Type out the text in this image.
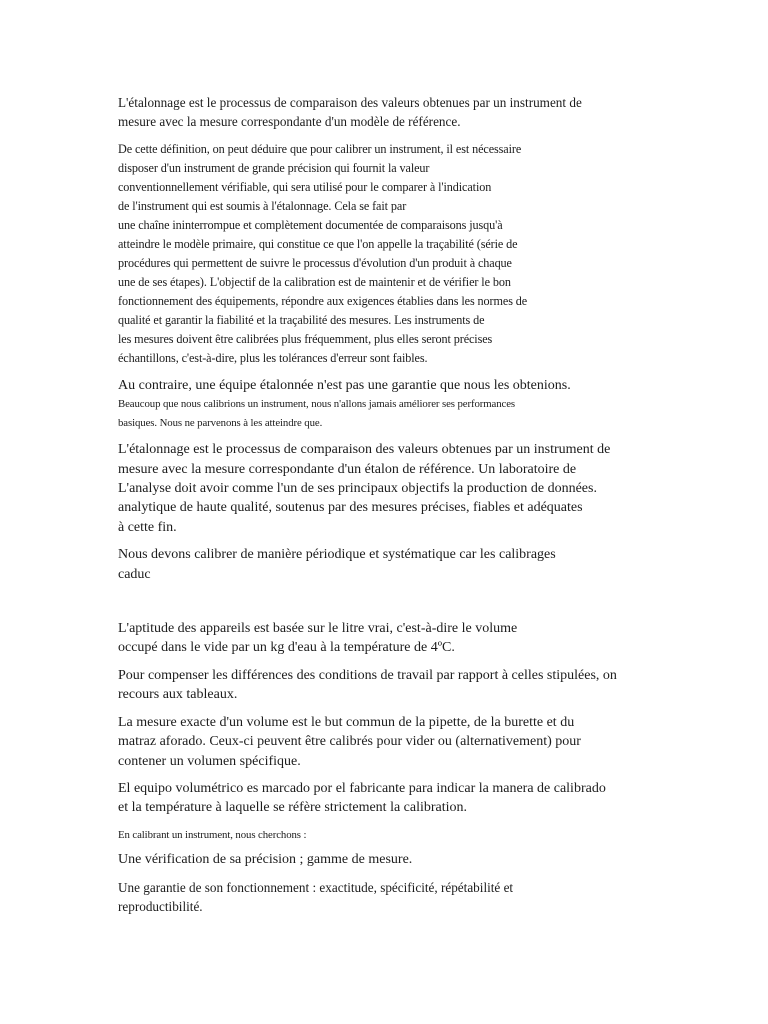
L'étalonnage est le processus de comparaison des valeurs obtenues par un instrument de
mesure avec la mesure correspondante d'un modèle de référence.

De cette définition, on peut déduire que pour calibrer un instrument, il est nécessaire
disposer d'un instrument de grande précision qui fournit la valeur
conventionnellement vérifiable, qui sera utilisé pour le comparer à l'indication
de l'instrument qui est soumis à l'étalonnage. Cela se fait par
une chaîne ininterrompue et complètement documentée de comparaisons jusqu'à
atteindre le modèle primaire, qui constitue ce que l'on appelle la traçabilité (série de
procédures qui permettent de suivre le processus d'évolution d'un produit à chaque
une de ses étapes). L'objectif de la calibration est de maintenir et de vérifier le bon
fonctionnement des équipements, répondre aux exigences établies dans les normes de
qualité et garantir la fiabilité et la traçabilité des mesures. Les instruments de
les mesures doivent être calibrées plus fréquemment, plus elles seront précises
échantillons, c'est-à-dire, plus les tolérances d'erreur sont faibles.

Au contraire, une équipe étalonnée n'est pas une garantie que nous les obtenions.

Beaucoup que nous calibrions un instrument, nous n'allons jamais améliorer ses performances
basiques. Nous ne parvenons à les atteindre que.

L'étalonnage est le processus de comparaison des valeurs obtenues par un instrument de
mesure avec la mesure correspondante d'un étalon de référence. Un laboratoire de
L'analyse doit avoir comme l'un de ses principaux objectifs la production de données.
analytique de haute qualité, soutenus par des mesures précises, fiables et adéquates
à cette fin.

Nous devons calibrer de manière périodique et systématique car les calibrages
caduc

L'aptitude des appareils est basée sur le litre vrai, c'est-à-dire le volume
occupé dans le vide par un kg d'eau à la température de 4ºC.

Pour compenser les différences des conditions de travail par rapport à celles stipulées, on
recours aux tableaux.

La mesure exacte d'un volume est le but commun de la pipette, de la burette et du
matraz aforado. Ceux-ci peuvent être calibrés pour vider ou (alternativement) pour
contener un volumen spécifique.

El equipo volumétrico es marcado por el fabricante para indicar la manera de calibrado
et la température à laquelle se réfère strictement la calibration.

En calibrant un instrument, nous cherchons :

Une vérification de sa précision ; gamme de mesure.

Une garantie de son fonctionnement : exactitude, spécificité, répétabilité et
reproductibilité.
